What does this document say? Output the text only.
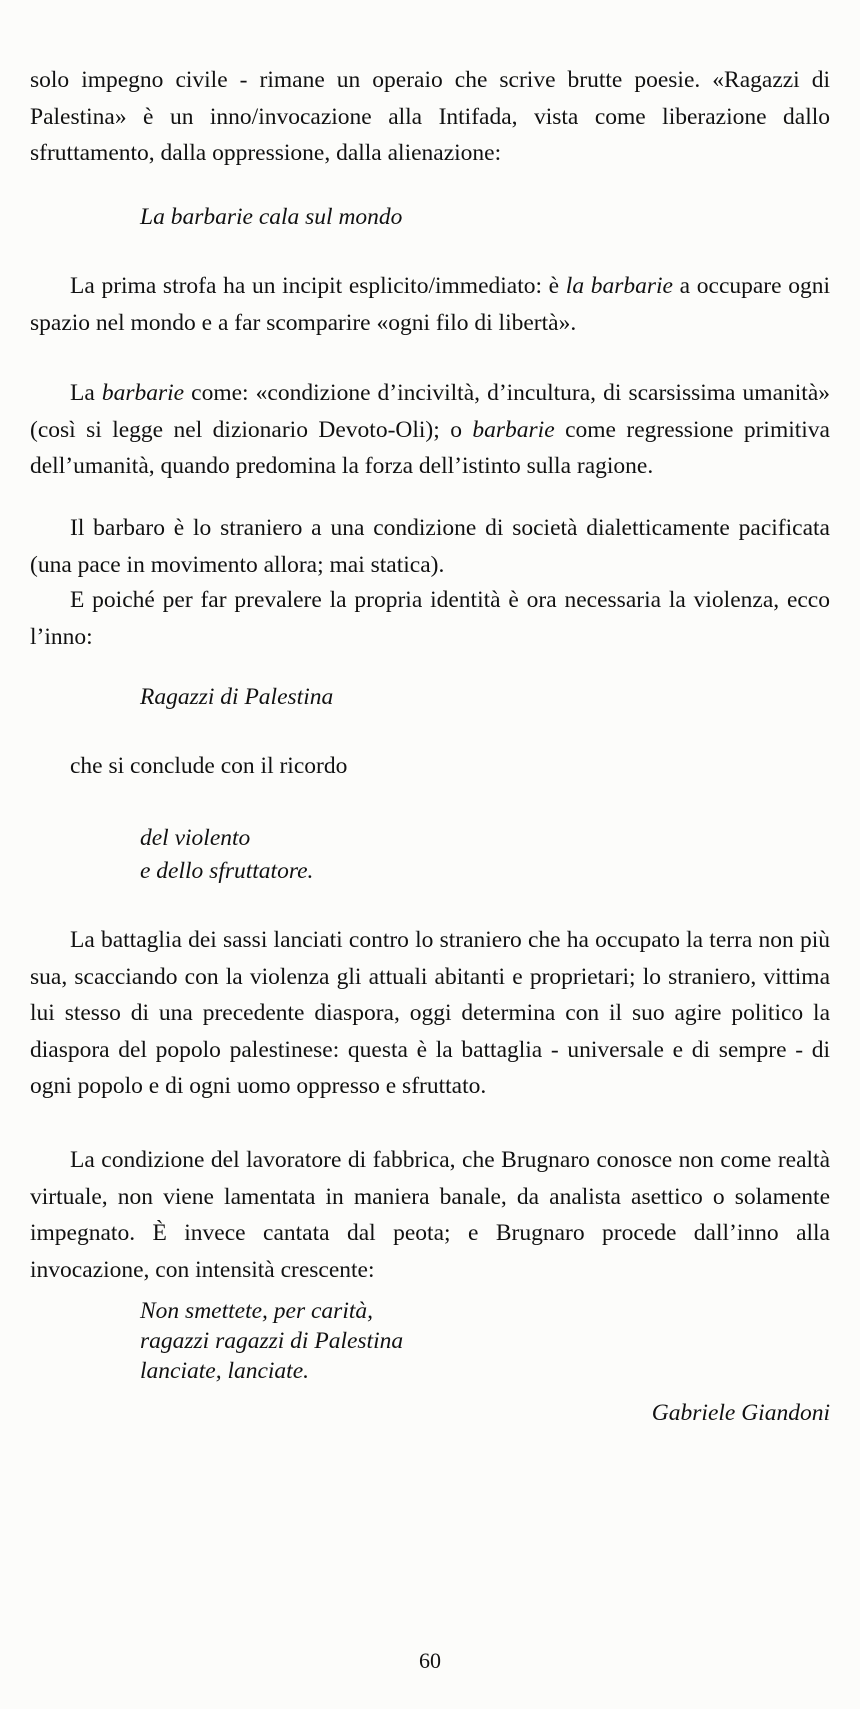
solo impegno civile - rimane un operaio che scrive brutte poesie. «Ragazzi di Palestina» è un inno/invocazione alla Intifada, vista come liberazione dallo sfruttamento, dalla oppressione, dalla alienazione:

La barbarie cala sul mondo

La prima strofa ha un incipit esplicito/immediato: è la barbarie a occupare ogni spazio nel mondo e a far scomparire «ogni filo di libertà».

La barbarie come: «condizione d’inciviltà, d’incultura, di scarsissima umanità» (così si legge nel dizionario Devoto-Oli); o barbarie come regressione primitiva dell’umanità, quando predomina la forza dell’istinto sulla ragione.

Il barbaro è lo straniero a una condizione di società dialetticamente pacificata (una pace in movimento allora; mai statica).

E poiché per far prevalere la propria identità è ora necessaria la violenza, ecco l’inno:

Ragazzi di Palestina

che si conclude con il ricordo

del violento
e dello sfruttatore.

La battaglia dei sassi lanciati contro lo straniero che ha occupato la terra non più sua, scacciando con la violenza gli attuali abitanti e proprietari; lo straniero, vittima lui stesso di una precedente diaspora, oggi determina con il suo agire politico la diaspora del popolo palestinese: questa è la battaglia - universale e di sempre - di ogni popolo e di ogni uomo oppresso e sfruttato.

La condizione del lavoratore di fabbrica, che Brugnaro conosce non come realtà virtuale, non viene lamentata in maniera banale, da analista asettico o solamente impegnato. È invece cantata dal peota; e Brugnaro procede dall’inno alla invocazione, con intensità crescente:

Non smettete, per carità,
ragazzi ragazzi di Palestina
lanciate, lanciate.

Gabriele Giandoni
60
